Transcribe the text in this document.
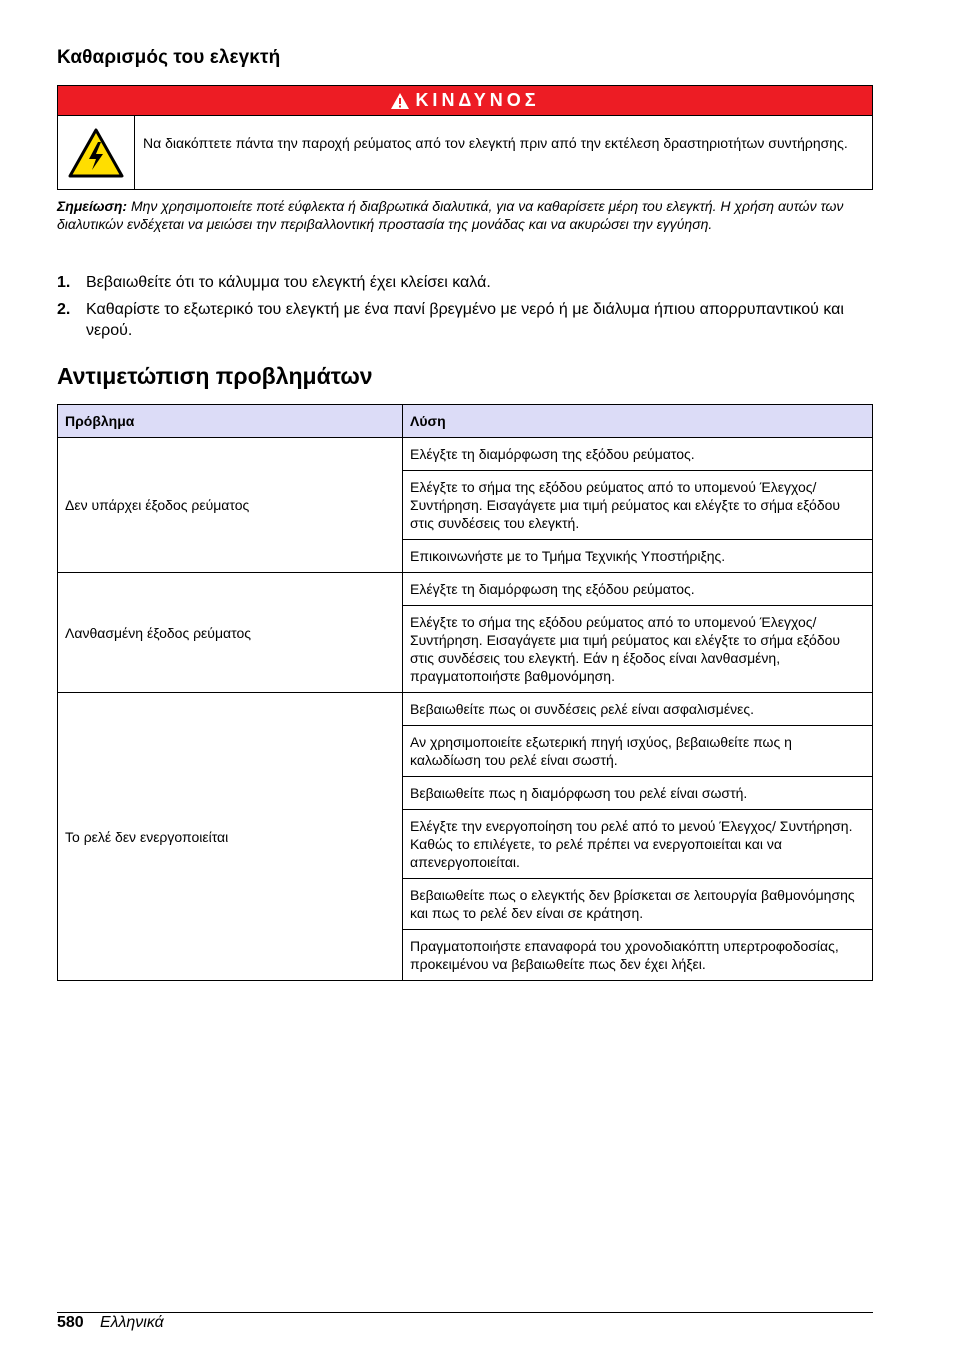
Καθαρισμός του ελεγκτή
ΚΙΝΔΥΝΟΣ
Να διακόπτετε πάντα την παροχή ρεύματος από τον ελεγκτή πριν από την εκτέλεση δραστηριοτήτων συντήρησης.
Σημείωση: Μην χρησιμοποιείτε ποτέ εύφλεκτα ή διαβρωτικά διαλυτικά, για να καθαρίσετε μέρη του ελεγκτή. Η χρήση αυτών των διαλυτικών ενδέχεται να μειώσει την περιβαλλοντική προστασία της μονάδας και να ακυρώσει την εγγύηση.
1. Βεβαιωθείτε ότι το κάλυμμα του ελεγκτή έχει κλείσει καλά.
2. Καθαρίστε το εξωτερικό του ελεγκτή με ένα πανί βρεγμένο με νερό ή με διάλυμα ήπιου απορρυπαντικού και νερού.
Αντιμετώπιση προβλημάτων
Πρόβλημα	Λύση
Δεν υπάρχει έξοδος ρεύματος	Ελέγξτε τη διαμόρφωση της εξόδου ρεύματος.
	Ελέγξτε το σήμα της εξόδου ρεύματος από το υπομενού Έλεγχος/ Συντήρηση. Εισαγάγετε μια τιμή ρεύματος και ελέγξτε το σήμα εξόδου στις συνδέσεις του ελεγκτή.
	Επικοινωνήστε με το Τμήμα Τεχνικής Υποστήριξης.
Λανθασμένη έξοδος ρεύματος	Ελέγξτε τη διαμόρφωση της εξόδου ρεύματος.
	Ελέγξτε το σήμα της εξόδου ρεύματος από το υπομενού Έλεγχος/ Συντήρηση. Εισαγάγετε μια τιμή ρεύματος και ελέγξτε το σήμα εξόδου στις συνδέσεις του ελεγκτή. Εάν η έξοδος είναι λανθασμένη, πραγματοποιήστε βαθμονόμηση.
Το ρελέ δεν ενεργοποιείται	Βεβαιωθείτε πως οι συνδέσεις ρελέ είναι ασφαλισμένες.
	Αν χρησιμοποιείτε εξωτερική πηγή ισχύος, βεβαιωθείτε πως η καλωδίωση του ρελέ είναι σωστή.
	Βεβαιωθείτε πως η διαμόρφωση του ρελέ είναι σωστή.
	Ελέγξτε την ενεργοποίηση του ρελέ από το μενού Έλεγχος/ Συντήρηση. Καθώς το επιλέγετε, το ρελέ πρέπει να ενεργοποιείται και να απενεργοποιείται.
	Βεβαιωθείτε πως ο ελεγκτής δεν βρίσκεται σε λειτουργία βαθμονόμησης και πως το ρελέ δεν είναι σε κράτηση.
	Πραγματοποιήστε επαναφορά του χρονοδιακόπτη υπερτροφοδοσίας, προκειμένου να βεβαιωθείτε πως δεν έχει λήξει.
580 Ελληνικά
